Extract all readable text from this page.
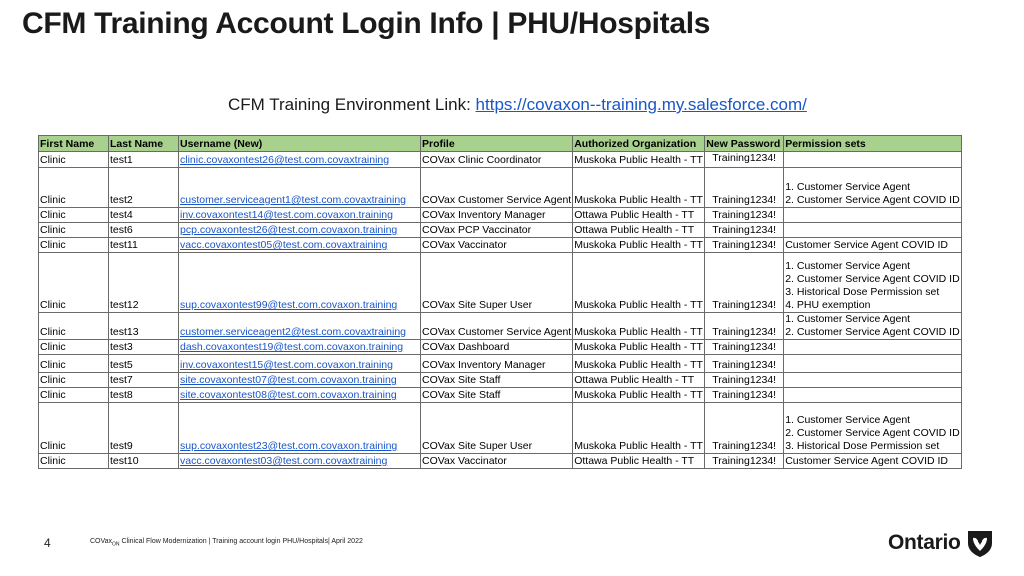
CFM Training Account Login Info | PHU/Hospitals
CFM Training Environment Link: https://covaxon--training.my.salesforce.com/
First Name	Last Name	Username (New)	Profile	Authorized Organization	New Password	Permission sets
Clinic	test1	clinic.covaxontest26@test.com.covaxtraining	COVax Clinic Coordinator	Muskoka Public Health - TT	Training1234!	
Clinic	test2	customer.serviceagent1@test.com.covaxtraining	COVax Customer Service Agent	Muskoka Public Health - TT	Training1234!	1. Customer Service Agent
2. Customer Service Agent COVID ID
Clinic	test4	inv.covaxontest14@test.com.covaxon.training	COVax Inventory Manager	Ottawa Public Health - TT	Training1234!	
Clinic	test6	pcp.covaxontest26@test.com.covaxon.training	COVax PCP Vaccinator	Ottawa Public Health - TT	Training1234!	
Clinic	test11	vacc.covaxontest05@test.com.covaxtraining	COVax Vaccinator	Muskoka Public Health - TT	Training1234!	Customer Service Agent COVID ID
Clinic	test12	sup.covaxontest99@test.com.covaxon.training	COVax Site Super User	Muskoka Public Health - TT	Training1234!	1. Customer Service Agent
2. Customer Service Agent COVID ID
3. Historical Dose Permission set
4. PHU exemption
Clinic	test13	customer.serviceagent2@test.com.covaxtraining	COVax Customer Service Agent	Muskoka Public Health - TT	Training1234!	1. Customer Service Agent
2. Customer Service Agent COVID ID
Clinic	test3	dash.covaxontest19@test.com.covaxon.training	COVax Dashboard	Muskoka Public Health - TT	Training1234!	
Clinic	test5	inv.covaxontest15@test.com.covaxon.training	COVax Inventory Manager	Muskoka Public Health - TT	Training1234!	
Clinic	test7	site.covaxontest07@test.com.covaxon.training	COVax Site Staff	Ottawa Public Health - TT	Training1234!	
Clinic	test8	site.covaxontest08@test.com.covaxon.training	COVax Site Staff	Muskoka Public Health - TT	Training1234!	
Clinic	test9	sup.covaxontest23@test.com.covaxon.training	COVax Site Super User	Muskoka Public Health - TT	Training1234!	1. Customer Service Agent
2. Customer Service Agent COVID ID
3. Historical Dose Permission set
Clinic	test10	vacc.covaxontest03@test.com.covaxtraining	COVax Vaccinator	Ottawa Public Health - TT	Training1234!	Customer Service Agent COVID ID
4	COVax$_{ON}$ Clinical Flow Modernization | Training account login PHU/Hospitals| April 2022	Ontario
